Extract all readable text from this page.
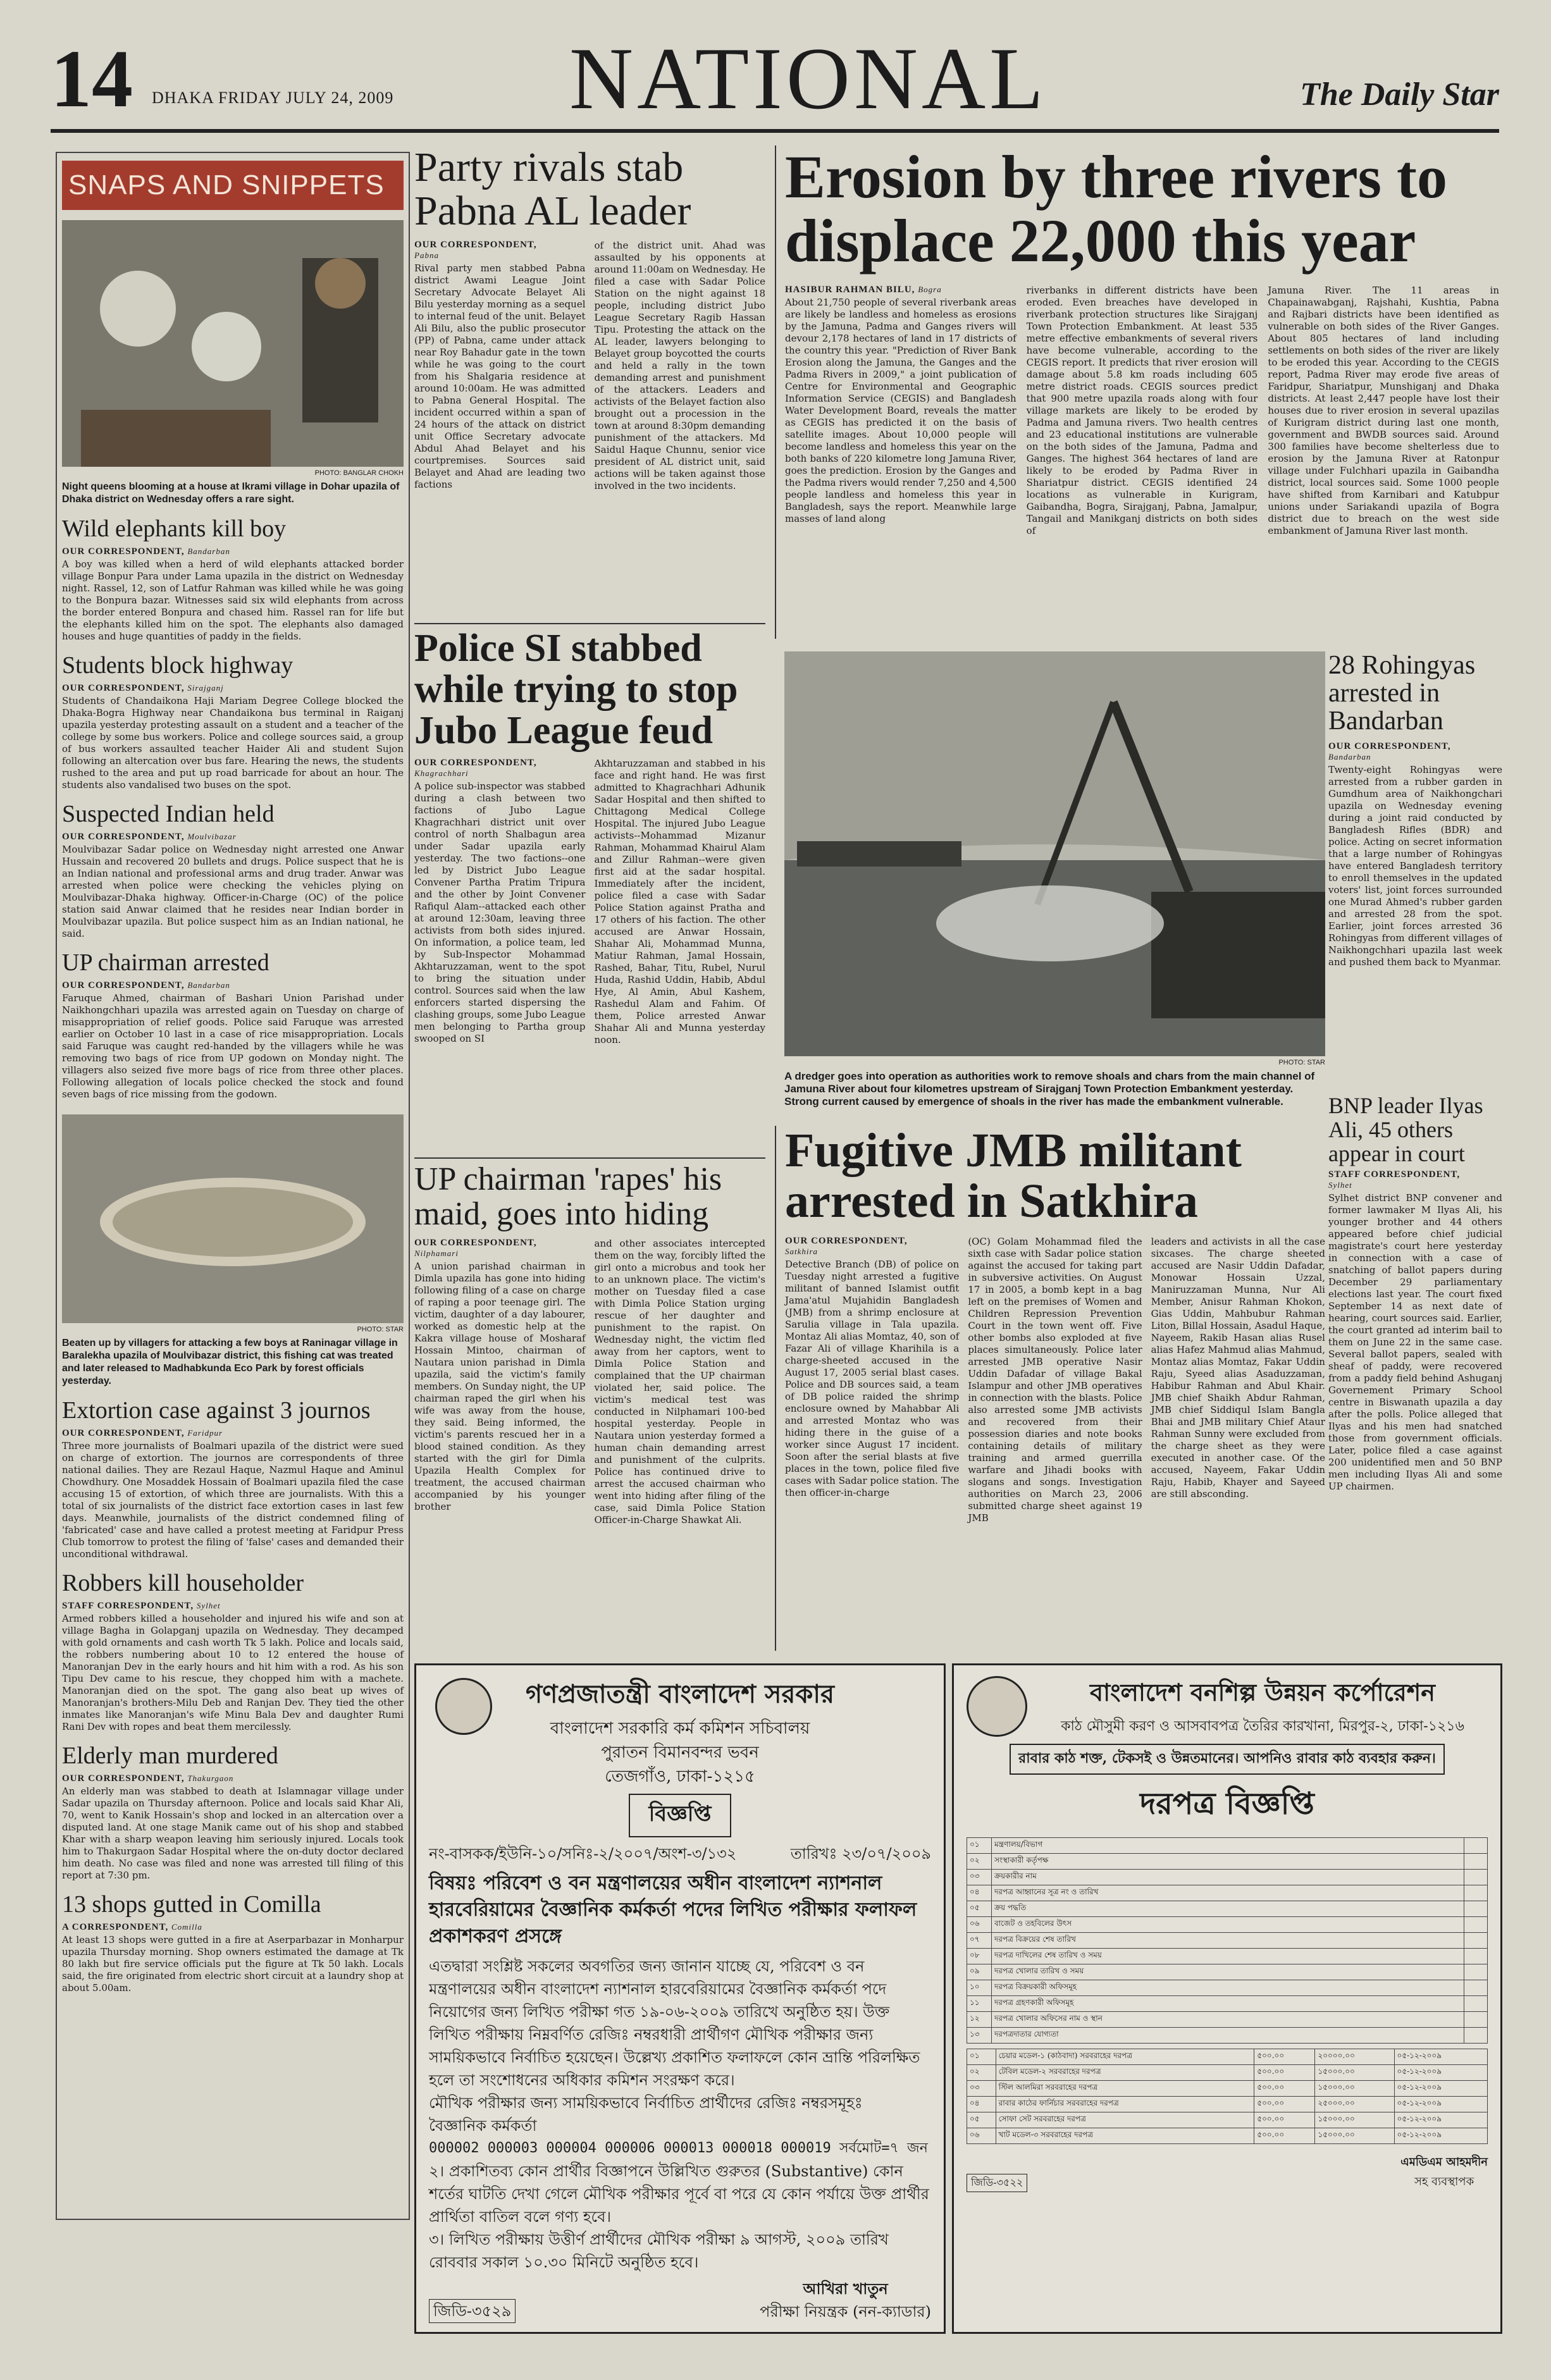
14 DHAKA FRIDAY JULY 24, 2009 NATIONAL	The Daily Star
SNAPS AND SNIPPETS
PHOTO: BANGLAR CHOKH
Night queens blooming at a house at Ikrami village in Dohar upazila of Dhaka district on Wednesday offers a rare sight.
Wild elephants kill boy
OUR CORRESPONDENT, Bandarban
A boy was killed when a herd of wild elephants attacked border village Bonpur Para under Lama upazila in the district on Wednesday night. Rassel, 12, son of Latfur Rahman was killed while he was going to the Bonpura bazar. Witnesses said six wild elephants from across the border entered Bonpura and chased him. Rassel ran for life but the elephants killed him on the spot. The elephants also damaged houses and huge quantities of paddy in the fields.
Students block highway
OUR CORRESPONDENT, Sirajganj
Students of Chandaikona Haji Mariam Degree College blocked the Dhaka-Bogra Highway near Chandaikona bus terminal in Raiganj upazila yesterday protesting assault on a student and a teacher of the college by some bus workers. Police and college sources said, a group of bus workers assaulted teacher Haider Ali and student Sujon following an altercation over bus fare. Hearing the news, the students rushed to the area and put up road barricade for about an hour. The students also vandalised two buses on the spot.
Suspected Indian held
OUR CORRESPONDENT, Moulvibazar
Moulvibazar Sadar police on Wednesday night arrested one Anwar Hussain and recovered 20 bullets and drugs. Police suspect that he is an Indian national and professional arms and drug trader. Anwar was arrested when police were checking the vehicles plying on Moulvibazar-Dhaka highway. Officer-in-Charge (OC) of the police station said Anwar claimed that he resides near Indian border in Moulvibazar upazila. But police suspect him as an Indian national, he said.
UP chairman arrested
OUR CORRESPONDENT, Bandarban
Faruque Ahmed, chairman of Bashari Union Parishad under Naikhongchhari upazila was arrested again on Tuesday on charge of misappropriation of relief goods. Police said Faruque was arrested earlier on October 10 last in a case of rice misappropriation. Locals said Faruque was caught red-handed by the villagers while he was removing two bags of rice from UP godown on Monday night. The villagers also seized five more bags of rice from three other places. Following allegation of locals police checked the stock and found seven bags of rice missing from the godown.
PHOTO: STAR
Beaten up by villagers for attacking a few boys at Raninagar village in Baralekha upazila of Moulvibazar district, this fishing cat was treated and later released to Madhabkunda Eco Park by forest officials yesterday.
Extortion case against 3 journos
OUR CORRESPONDENT, Faridpur
Three more journalists of Boalmari upazila of the district were sued on charge of extortion. The journos are correspondents of three national dailies. They are Rezaul Haque, Nazmul Haque and Aminul Chowdhury. One Mosaddek Hossain of Boalmari upazila filed the case accusing 15 of extortion, of which three are journalists. With this a total of six journalists of the district face extortion cases in last few days. Meanwhile, journalists of the district condemned filing of 'fabricated' case and have called a protest meeting at Faridpur Press Club tomorrow to protest the filing of 'false' cases and demanded their unconditional withdrawal.
Robbers kill householder
STAFF CORRESPONDENT, Sylhet
Armed robbers killed a householder and injured his wife and son at village Bagha in Golapganj upazila on Wednesday. They decamped with gold ornaments and cash worth Tk 5 lakh. Police and locals said, the robbers numbering about 10 to 12 entered the house of Manoranjan Dev in the early hours and hit him with a rod. As his son Tipu Dev came to his rescue, they chopped him with a machete. Manoranjan died on the spot. The gang also beat up wives of Manoranjan's brothers-Milu Deb and Ranjan Dev. They tied the other inmates like Manoranjan's wife Minu Bala Dev and daughter Rumi Rani Dev with ropes and beat them mercilessly.
Elderly man murdered
OUR CORRESPONDENT, Thakurgaon
An elderly man was stabbed to death at Islamnagar village under Sadar upazila on Thursday afternoon. Police and locals said Khar Ali, 70, went to Kanik Hossain's shop and locked in an altercation over a disputed land. At one stage Manik came out of his shop and stabbed Khar with a sharp weapon leaving him seriously injured. Locals took him to Thakurgaon Sadar Hospital where the on-duty doctor declared him death. No case was filed and none was arrested till filing of this report at 7:30 pm.
13 shops gutted in Comilla
A CORRESPONDENT, Comilla
At least 13 shops were gutted in a fire at Aserparbazar in Monharpur upazila Thursday morning. Shop owners estimated the damage at Tk 80 lakh but fire service officials put the figure at Tk 50 lakh. Locals said, the fire originated from electric short circuit at a laundry shop at about 5.00am.
Party rivals stab Pabna AL leader
OUR CORRESPONDENT,
Pabna
Rival party men stabbed Pabna district Awami League Joint Secretary Advocate Belayet Ali Bilu yesterday morning as a sequel to internal feud of the unit. Belayet Ali Bilu, also the public prosecutor (PP) of Pabna, came under attack near Roy Bahadur gate in the town while he was going to the court from his Shalgaria residence at around 10:00am. He was admitted to Pabna General Hospital. The incident occurred within a span of 24 hours of the attack on district unit Office Secretary advocate Abdul Ahad Belayet and his courtpremises. Sources said Belayet and Ahad are leading two factions
of the district unit. Ahad was assaulted by his opponents at around 11:00am on Wednesday. He filed a case with Sadar Police Station on the night against 18 people, including district Jubo League Secretary Ragib Hassan Tipu. Protesting the attack on the AL leader, lawyers belonging to Belayet group boycotted the courts and held a rally in the town demanding arrest and punishment of the attackers. Leaders and activists of the Belayet faction also brought out a procession in the town at around 8:30pm demanding punishment of the attackers. Md Saidul Haque Chunnu, senior vice president of AL district unit, said actions will be taken against those involved in the two incidents.
Police SI stabbed while trying to stop Jubo League feud
OUR CORRESPONDENT,
Khagrachhari
A police sub-inspector was stabbed during a clash between two factions of Jubo Lague Khagrachhari district unit over control of north Shalbagun area under Sadar upazila early yesterday. The two factions--one led by District Jubo League Convener Partha Pratim Tripura and the other by Joint Convener Rafiqul Alam--attacked each other at around 12:30am, leaving three activists from both sides injured. On information, a police team, led by Sub-Inspector Mohammad Akhtaruzzaman, went to the spot to bring the situation under control. Sources said when the law enforcers started dispersing the clashing groups, some Jubo League men belonging to Partha group swooped on SI
Akhtaruzzaman and stabbed in his face and right hand. He was first admitted to Khagrachhari Adhunik Sadar Hospital and then shifted to Chittagong Medical College Hospital. The injured Jubo League activists--Mohammad Mizanur Rahman, Mohammad Khairul Alam and Zillur Rahman--were given first aid at the sadar hospital. Immediately after the incident, police filed a case with Sadar Police Station against Pratha and 17 others of his faction. The other accused are Anwar Hossain, Shahar Ali, Mohammad Munna, Matiur Rahman, Jamal Hossain, Rashed, Bahar, Titu, Rubel, Nurul Huda, Rashid Uddin, Habib, Abdul Hye, Al Amin, Abul Kashem, Rashedul Alam and Fahim. Of them, Police arrested Anwar Shahar Ali and Munna yesterday noon.
UP chairman 'rapes' his maid, goes into hiding
OUR CORRESPONDENT,
Nilphamari
A union parishad chairman in Dimla upazila has gone into hiding following filing of a case on charge of raping a poor teenage girl. The victim, daughter of a day labourer, worked as domestic help at the Kakra village house of Mosharaf Hossain Mintoo, chairman of Nautara union parishad in Dimla upazila, said the victim's family members. On Sunday night, the UP chairman raped the girl when his wife was away from the house, they said. Being informed, the victim's parents rescued her in a blood stained condition. As they started with the girl for Dimla Upazila Health Complex for treatment, the accused chairman accompanied by his younger brother
and other associates intercepted them on the way, forcibly lifted the girl onto a microbus and took her to an unknown place. The victim's mother on Tuesday filed a case with Dimla Police Station urging rescue of her daughter and punishment to the rapist. On Wednesday night, the victim fled away from her captors, went to Dimla Police Station and complained that the UP chairman violated her, said police. The victim's medical test was conducted in Nilphamari 100-bed hospital yesterday. People in Nautara union yesterday formed a human chain demanding arrest and punishment of the culprits. Police has continued drive to arrest the accused chairman who went into hiding after filing of the case, said Dimla Police Station Officer-in-Charge Shawkat Ali.
Erosion by three rivers to displace 22,000 this year
HASIBUR RAHMAN BILU, Bogra
About 21,750 people of several riverbank areas are likely be landless and homeless as erosions by the Jamuna, Padma and Ganges rivers will devour 2,178 hectares of land in 17 districts of the country this year. "Prediction of River Bank Erosion along the Jamuna, the Ganges and the Padma Rivers in 2009," a joint publication of Centre for Environmental and Geographic Information Service (CEGIS) and Bangladesh Water Development Board, reveals the matter as CEGIS has predicted it on the basis of satellite images. About 10,000 people will become landless and homeless this year on the both banks of 220 kilometre long Jamuna River, goes the prediction. Erosion by the Ganges and the Padma rivers would render 7,250 and 4,500 people landless and homeless this year in Bangladesh, says the report. Meanwhile large masses of land along
riverbanks in different districts have been eroded. Even breaches have developed in riverbank protection structures like Sirajganj Town Protection Embankment. At least 535 metre effective embankments of several rivers have become vulnerable, according to the CEGIS report. It predicts that river erosion will damage about 5.8 km roads including 605 metre district roads. CEGIS sources predict that 900 metre upazila roads along with four village markets are likely to be eroded by Padma and Jamuna rivers. Two health centres and 23 educational institutions are vulnerable on the both sides of the Jamuna, Padma and Ganges. The highest 364 hectares of land are likely to be eroded by Padma River in Shariatpur district. CEGIS identified 24 locations as vulnerable in Kurigram, Gaibandha, Bogra, Sirajganj, Pabna, Jamalpur, Tangail and Manikganj districts on both sides of
Jamuna River. The 11 areas in Chapainawabganj, Rajshahi, Kushtia, Pabna and Rajbari districts have been identified as vulnerable on both sides of the River Ganges. About 805 hectares of land including settlements on both sides of the river are likely to be eroded this year. According to the CEGIS report, Padma River may erode five areas of Faridpur, Shariatpur, Munshiganj and Dhaka districts. At least 2,447 people have lost their houses due to river erosion in several upazilas of Kurigram district during last one month, government and BWDB sources said. Around 300 families have become shelterless due to erosion by the Jamuna River at Ratonpur village under Fulchhari upazila in Gaibandha district, local sources said. Some 1000 people have shifted from Karnibari and Katubpur unions under Sariakandi upazila of Bogra district due to breach on the west side embankment of Jamuna River last month.
PHOTO: STAR
A dredger goes into operation as authorities work to remove shoals and chars from the main channel of Jamuna River about four kilometres upstream of Sirajganj Town Protection Embankment yesterday. Strong current caused by emergence of shoals in the river has made the embankment vulnerable.
28 Rohingyas arrested in Bandarban
OUR CORRESPONDENT,
Bandarban
Twenty-eight Rohingyas were arrested from a rubber garden in Gumdhum area of Naikhongchari upazila on Wednesday evening during a joint raid conducted by Bangladesh Rifles (BDR) and police. Acting on secret information that a large number of Rohingyas have entered Bangladesh territory to enroll themselves in the updated voters' list, joint forces surrounded one Murad Ahmed's rubber garden and arrested 28 from the spot. Earlier, joint forces arrested 36 Rohingyas from different villages of Naikhongchhari upazila last week and pushed them back to Myanmar.
BNP leader Ilyas Ali, 45 others appear in court
STAFF CORRESPONDENT,
Sylhet
Sylhet district BNP convener and former lawmaker M Ilyas Ali, his younger brother and 44 others appeared before chief judicial magistrate's court here yesterday in connection with a case of snatching of ballot papers during December 29 parliamentary elections last year. The court fixed September 14 as next date of hearing, court sources said. Earlier, the court granted ad interim bail to them on June 22 in the same case. Several ballot papers, sealed with sheaf of paddy, were recovered from a paddy field behind Ashuganj Governement Primary School centre in Biswanath upazila a day after the polls. Police alleged that Ilyas and his men had snatched those from government officials. Later, police filed a case against 200 unidentified men and 50 BNP men including Ilyas Ali and some UP chairmen.
Fugitive JMB militant arrested in Satkhira
OUR CORRESPONDENT,
Satkhira
Detective Branch (DB) of police on Tuesday night arrested a fugitive militant of banned Islamist outfit Jama'atul Mujahidin Bangladesh (JMB) from a shrimp enclosure at Sarulia village in Tala upazila. Montaz Ali alias Momtaz, 40, son of Fazar Ali of village Kharihila is a charge-sheeted accused in the August 17, 2005 serial blast cases. Police and DB sources said, a team of DB police raided the shrimp enclosure owned by Mahabbar Ali and arrested Montaz who was hiding there in the guise of a worker since August 17 incident. Soon after the serial blasts at five places in the town, police filed five cases with Sadar police station. The then officer-in-charge
(OC) Golam Mohammad filed the sixth case with Sadar police station against the accused for taking part in subversive activities. On August 17 in 2005, a bomb kept in a bag left on the premises of Women and Children Repression Prevention Court in the town went off. Five other bombs also exploded at five places simultaneously. Police later arrested JMB operative Nasir Uddin Dafadar of village Bakal Islampur and other JMB operatives in connection with the blasts. Police also arrested some JMB activists and recovered from their possession diaries and note books containing details of military training and armed guerrilla warfare and Jihadi books with slogans and songs. Investigation authorities on March 23, 2006 submitted charge sheet against 19 JMB
leaders and activists in all the case sixcases. The charge sheeted accused are Nasir Uddin Dafadar, Monowar Hossain Uzzal, Maniruzzaman Munna, Nur Ali Member, Anisur Rahman Khokon, Gias Uddin, Mahbubur Rahman Liton, Billal Hossain, Asadul Haque, Nayeem, Rakib Hasan alias Rusel alias Hafez Mahmud alias Mahmud, Montaz alias Momtaz, Fakar Uddin Raju, Syeed alias Asaduzzaman, Habibur Rahman and Abul Khair. JMB chief Shaikh Abdur Rahman, JMB chief Siddiqul Islam Bangla Bhai and JMB military Chief Ataur Rahman Sunny were excluded from the charge sheet as they were executed in another case. Of the accused, Nayeem, Fakar Uddin Raju, Habib, Khayer and Sayeed are still absconding.
গণপ্রজাতন্ত্রী বাংলাদেশ সরকার
বাংলাদেশ সরকারি কর্ম কমিশন সচিবালয়
পুরাতন বিমানবন্দর ভবন
তেজগাঁও, ঢাকা-১২১৫
বিজ্ঞপ্তি
নং-বাসকক/ইউনি-১০/সনিঃ-২/২০০৭/অংশ-৩/১৩২	তারিখঃ ২৩/০৭/২০০৯
বিষয়ঃ পরিবেশ ও বন মন্ত্রণালয়ের অধীন বাংলাদেশ ন্যাশনাল হারবেরিয়ামের বৈজ্ঞানিক কর্মকর্তা পদের লিখিত পরীক্ষার ফলাফল প্রকাশকরণ প্রসঙ্গে
এতদ্বারা সংশ্লিষ্ট সকলের অবগতির জন্য জানান যাচ্ছে যে, পরিবেশ ও বন মন্ত্রণালয়ের অধীন বাংলাদেশ ন্যাশনাল হারবেরিয়ামের বৈজ্ঞানিক কর্মকর্তা পদে নিয়োগের জন্য লিখিত পরীক্ষা গত ১৯-০৬-২০০৯ তারিখে অনুষ্ঠিত হয়। উক্ত লিখিত পরীক্ষায় নিম্নবর্ণিত রেজিঃ নম্বরধারী প্রার্থীগণ মৌখিক পরীক্ষার জন্য সাময়িকভাবে নির্বাচিত হয়েছেন। উল্লেখ্য প্রকাশিত ফলাফলে কোন ভ্রান্তি পরিলক্ষিত হলে তা সংশোধনের অধিকার কমিশন সংরক্ষণ করে।
মৌখিক পরীক্ষার জন্য সাময়িকভাবে নির্বাচিত প্রার্থীদের রেজিঃ নম্বরসমূহঃ
বৈজ্ঞানিক কর্মকর্তা
000002 000003 000004 000006 000013 000018 000019 সর্বমোট=৭ জন
২। প্রকাশিতব্য কোন প্রার্থীর বিজ্ঞাপনে উল্লিখিত গুরুতর (Substantive) কোন শর্তের ঘাটতি দেখা গেলে মৌখিক পরীক্ষার পূর্বে বা পরে যে কোন পর্যায়ে উক্ত প্রার্থীর প্রার্থিতা বাতিল বলে গণ্য হবে।
৩। লিখিত পরীক্ষায় উত্তীর্ণ প্রার্থীদের মৌখিক পরীক্ষা ৯ আগস্ট, ২০০৯ তারিখ রোববার সকাল ১০.৩০ মিনিটে অনুষ্ঠিত হবে।
জিডি-৩৫২৯
আখিরা খাতুন
পরীক্ষা নিয়ন্ত্রক (নন-ক্যাডার)
বাংলাদেশ বনশিল্প উন্নয়ন কর্পোরেশন
কাঠ মৌসুমী করণ ও আসবাবপত্র তৈরির কারখানা, মিরপুর-২, ঢাকা-১২১৬
রাবার কাঠ শক্ত, টেকসই ও উন্নতমানের। আপনিও রাবার কাঠ ব্যবহার করুন।
দরপত্র বিজ্ঞপ্তি
০১	মন্ত্রণালয়/বিভাগ	
০২	সংস্থাকারী কর্তৃপক্ষ	
০৩	ক্রয়কারীর নাম	
০৪	দরপত্র আহ্বানের সূত্র নং ও তারিখ	
০৫	ক্রয় পদ্ধতি	
০৬	বাজেট ও তহবিলের উৎস	
০৭	দরপত্র বিক্রয়ের শেষ তারিখ	
০৮	দরপত্র দাখিলের শেষ তারিখ ও সময়	
০৯	দরপত্র খোলার তারিখ ও সময়	
১০	দরপত্র বিক্রয়কারী অফিসমূহ	
১১	দরপত্র গ্রহণকারী অফিসমূহ	
১২	দরপত্র খোলার অফিসের নাম ও স্থান	
১৩	দরপত্রদাতার যোগ্যতা	
০১	চেয়ার মডেল-১ (কাঠবাদা) সরবরাহের দরপত্র	৫০০.০০	২০০০০.০০	০৫-১২-২০০৯
০২	টেবিল মডেল-২ সরবরাহের দরপত্র	৫০০.০০	১৫০০০.০০	০৫-১২-২০০৯
০৩	স্টিল আলমিরা সরবরাহের দরপত্র	৫০০.০০	১৫০০০.০০	০৫-১২-২০০৯
০৪	রাবার কাঠের ফার্নিচার সরবরাহের দরপত্র	৫০০.০০	২৫০০০.০০	০৫-১২-২০০৯
০৫	সোফা সেট সরবরাহের দরপত্র	৫০০.০০	১৫০০০.০০	০৫-১২-২০০৯
০৬	খাট মডেল-৩ সরবরাহের দরপত্র	৫০০.০০	১৫০০০.০০	০৫-১২-২০০৯
জিডি-৩৫২২
এমডিএম আহমদীন
সহ ব্যবস্থাপক
